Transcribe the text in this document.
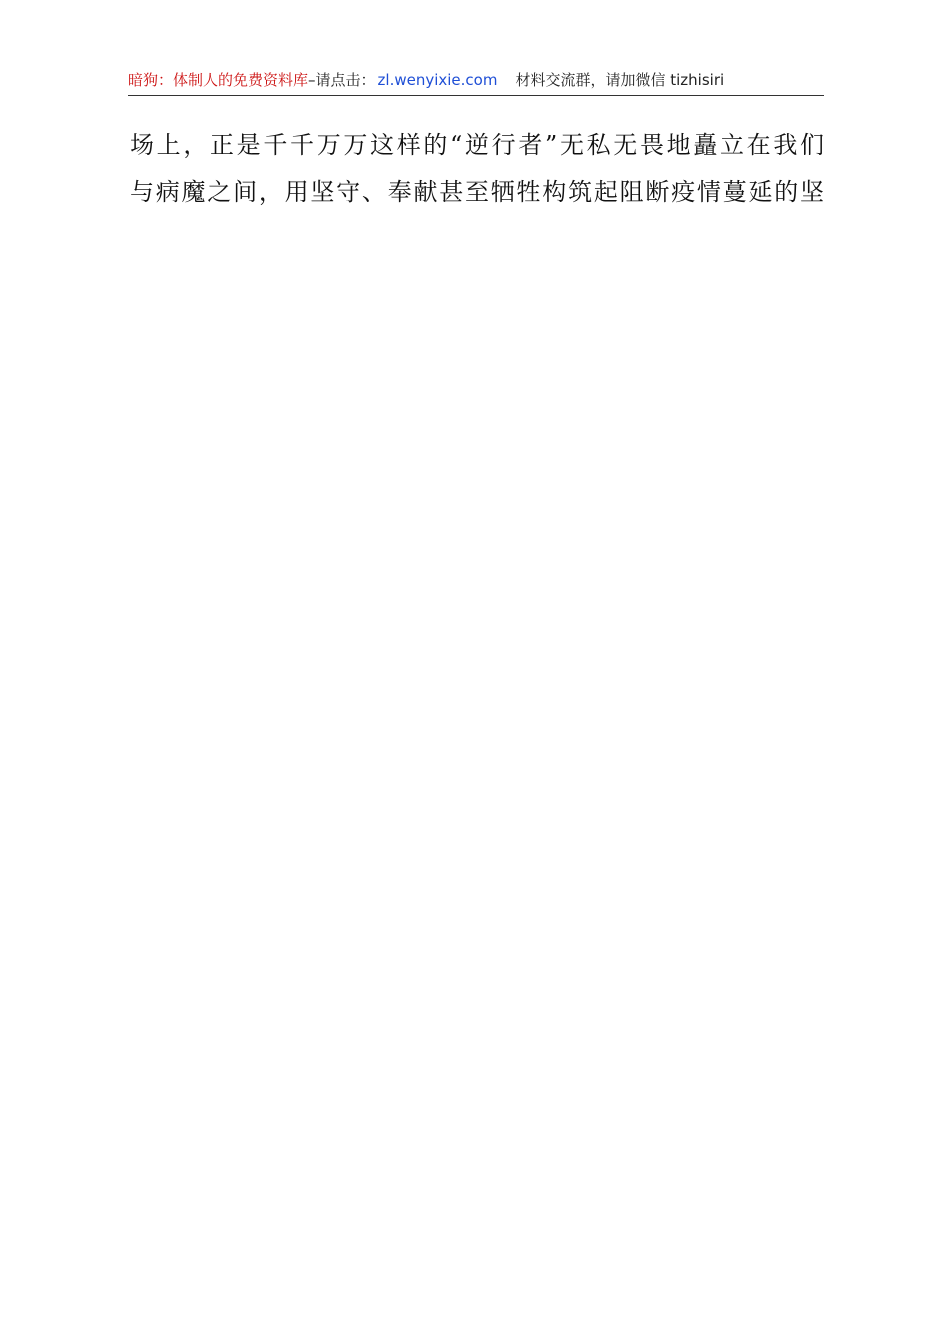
暗狗：体制人的免费资料库–请点击： zl.wenyixie.com 材料交流群，请加微信 tizhisiri
场上，正是千千万万这样的“逆行者”无私无畏地矗立在我们
与病魔之间，用坚守、奉献甚至牺牲构筑起阻断疫情蔓延的坚
